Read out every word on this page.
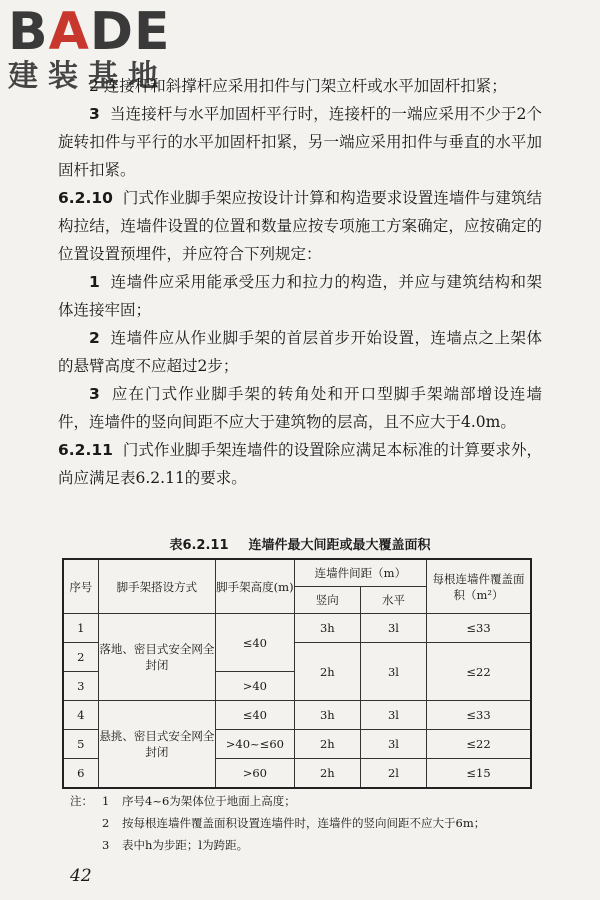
BADE
建装基地

2 连接杆和斜撑杆应采用扣件与门架立杆或水平加固杆扣紧；

3 当连接杆与水平加固杆平行时，连接杆的一端应采用不少于2个旋转扣件与平行的水平加固杆扣紧，另一端应采用扣件与垂直的水平加固杆扣紧。

6.2.10 门式作业脚手架应按设计计算和构造要求设置连墙件与建筑结构拉结，连墙件设置的位置和数量应按专项施工方案确定，应按确定的位置设置预埋件，并应符合下列规定：

1 连墙件应采用能承受压力和拉力的构造，并应与建筑结构和架体连接牢固；

2 连墙件应从作业脚手架的首层首步开始设置，连墙点之上架体的悬臂高度不应超过2步；

3 应在门式作业脚手架的转角处和开口型脚手架端部增设连墙件，连墙件的竖向间距不应大于建筑物的层高，且不应大于4.0m。

6.2.11 门式作业脚手架连墙件的设置除应满足本标准的计算要求外，尚应满足表6.2.11的要求。

表6.2.11 连墙件最大间距或最大覆盖面积
序号	脚手架搭设方式	脚手架高度(m)	连墙件间距（m）		每根连墙件覆盖面积（m²）
			竖向	水平	
1	落地、密目式安全网全封闭	≤40	3h	3l	≤33
2			2h	3l	≤22
3		>40			
4	悬挑、密目式安全网全封闭	≤40	3h	3l	≤33
5		>40~≤60	2h	3l	≤22
6		>60	2h	2l	≤15
注： 1 序号4~6为架体位于地面上高度；
2 按每根连墙件覆盖面积设置连墙件时，连墙件的竖向间距不应大于6m；
3 表中h为步距；l为跨距。
42
